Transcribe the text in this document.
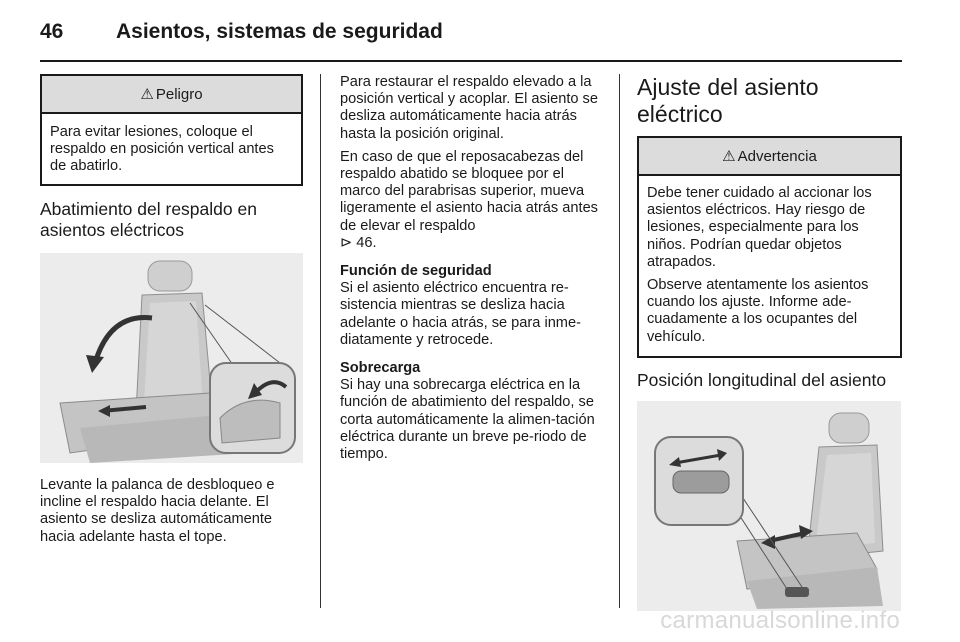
46	Asientos, sistemas de seguridad
⚠ Peligro

Para evitar lesiones, coloque el respaldo en posición vertical antes de abatirlo.

Abatimiento del respaldo en asientos eléctricos

Levante la palanca de desbloqueo e incline el respaldo hacia delante. El asiento se desliza automáticamente hacia adelante hasta el tope.

Para restaurar el respaldo elevado a la posición vertical y acoplar. El asiento se desliza automáticamente hacia atrás hasta la posición original.

En caso de que el reposacabezas del respaldo abatido se bloquee por el marco del parabrisas superior, mueva ligeramente el asiento hacia atrás antes de elevar el respaldo
⊳ 46.

Función de seguridad

Si el asiento eléctrico encuentra re-sistencia mientras se desliza hacia adelante o hacia atrás, se para inme-diatamente y retrocede.

Sobrecarga

Si hay una sobrecarga eléctrica en la función de abatimiento del respaldo, se corta automáticamente la alimen-tación eléctrica durante un breve pe-riodo de tiempo.

Ajuste del asiento eléctrico
⚠ Advertencia

Debe tener cuidado al accionar los asientos eléctricos. Hay riesgo de lesiones, especialmente para los niños. Podrían quedar objetos atrapados.

Observe atentamente los asientos cuando los ajuste. Informe ade-cuadamente a los ocupantes del vehículo.

Posición longitudinal del asiento
carmanualsonline.info
